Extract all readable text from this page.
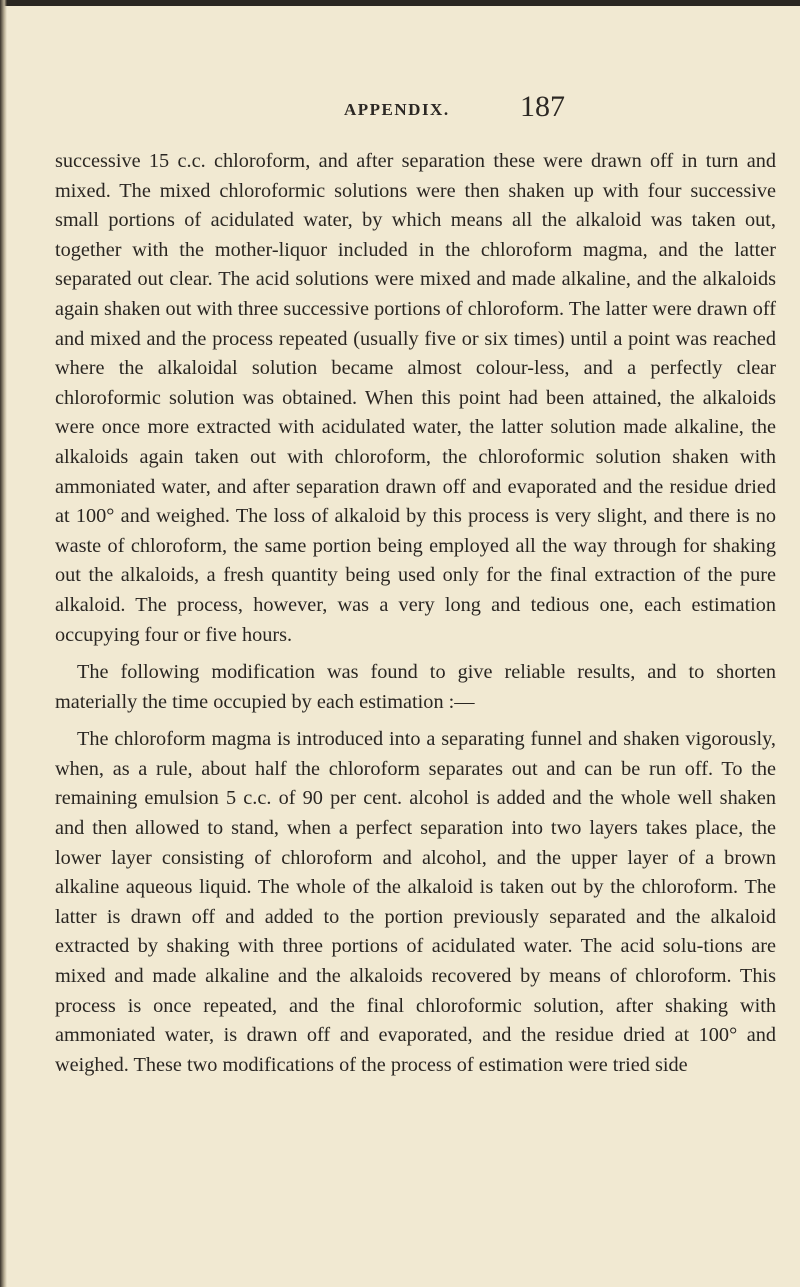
APPENDIX. 187

successive 15 c.c. chloroform, and after separation these were drawn off in turn and mixed. The mixed chloroformic solutions were then shaken up with four successive small portions of acidulated water, by which means all the alkaloid was taken out, together with the mother-liquor included in the chloroform magma, and the latter separated out clear. The acid solutions were mixed and made alkaline, and the alkaloids again shaken out with three successive portions of chloroform. The latter were drawn off and mixed and the process repeated (usually five or six times) until a point was reached where the alkaloidal solution became almost colour-less, and a perfectly clear chloroformic solution was obtained. When this point had been attained, the alkaloids were once more extracted with acidulated water, the latter solution made alkaline, the alkaloids again taken out with chloroform, the chloroformic solution shaken with ammoniated water, and after separation drawn off and evaporated and the residue dried at 100° and weighed. The loss of alkaloid by this process is very slight, and there is no waste of chloroform, the same portion being employed all the way through for shaking out the alkaloids, a fresh quantity being used only for the final extraction of the pure alkaloid. The process, however, was a very long and tedious one, each estimation occupying four or five hours.

The following modification was found to give reliable results, and to shorten materially the time occupied by each estimation :—

The chloroform magma is introduced into a separating funnel and shaken vigorously, when, as a rule, about half the chloroform separates out and can be run off. To the remaining emulsion 5 c.c. of 90 per cent. alcohol is added and the whole well shaken and then allowed to stand, when a perfect separation into two layers takes place, the lower layer consisting of chloroform and alcohol, and the upper layer of a brown alkaline aqueous liquid. The whole of the alkaloid is taken out by the chloroform. The latter is drawn off and added to the portion previously separated and the alkaloid extracted by shaking with three portions of acidulated water. The acid solu-tions are mixed and made alkaline and the alkaloids recovered by means of chloroform. This process is once repeated, and the final chloroformic solution, after shaking with ammoniated water, is drawn off and evaporated, and the residue dried at 100° and weighed. These two modifications of the process of estimation were tried side
